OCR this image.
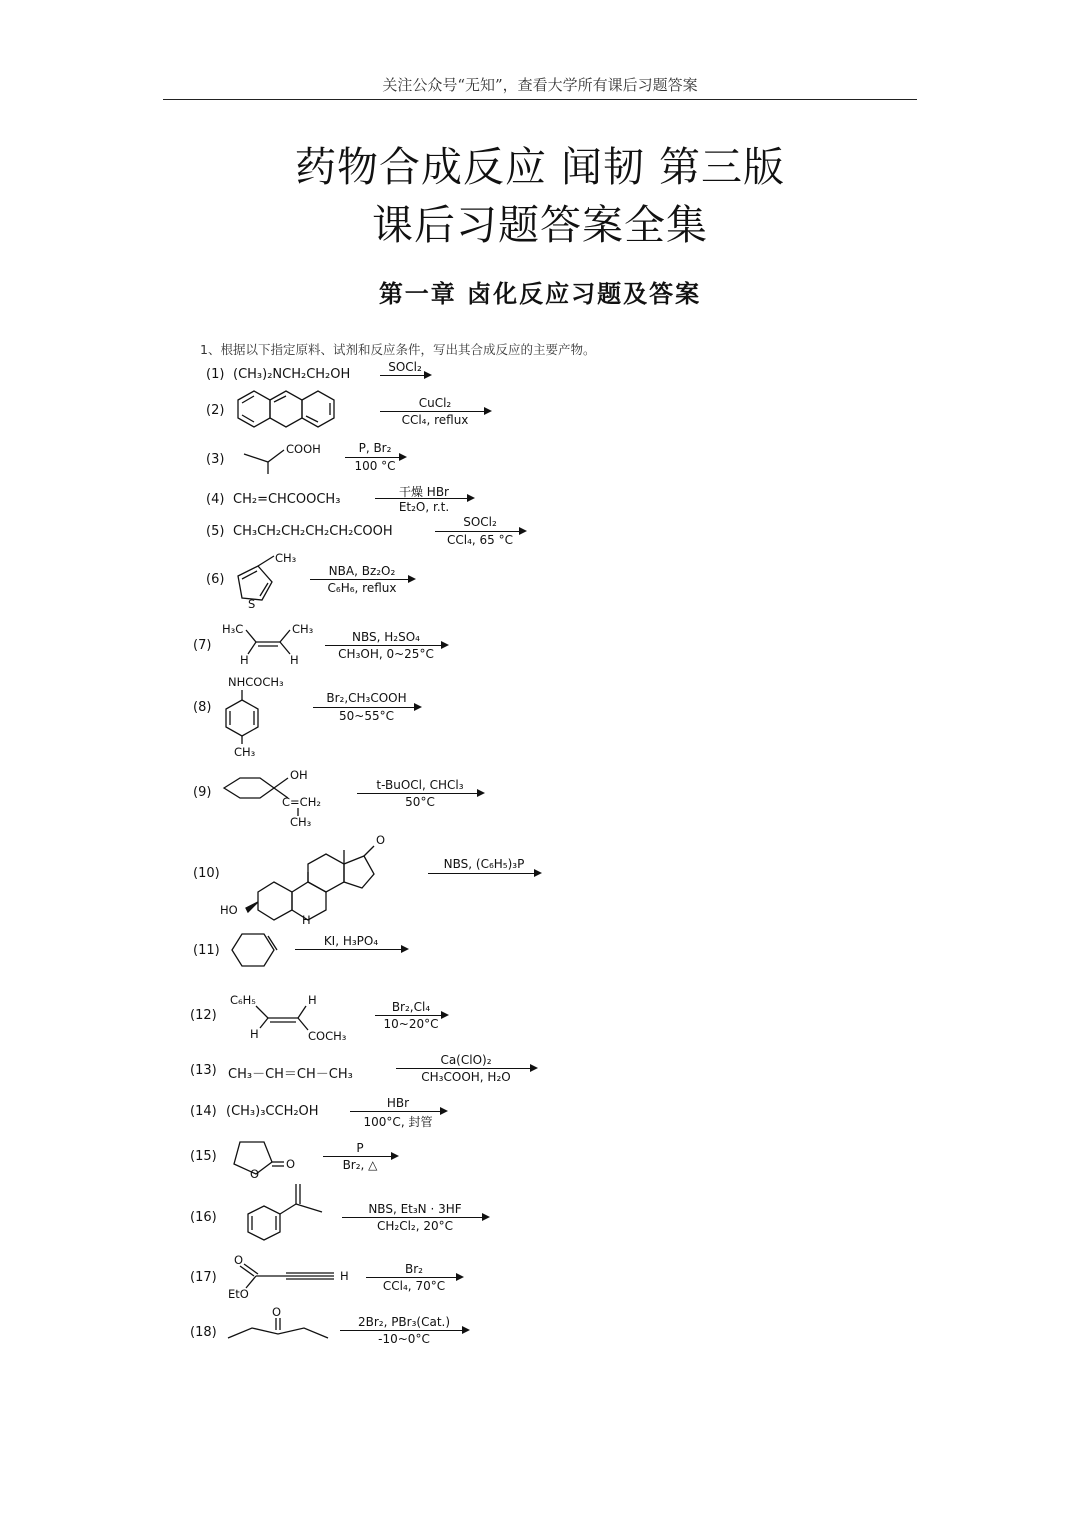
关注公众号“无知”，查看大学所有课后习题答案
药物合成反应 闻韧 第三版
课后习题答案全集
第一章 卤化反应习题及答案
1、根据以下指定原料、试剂和反应条件，写出其合成反应的主要产物。
(1) (CH₃)₂NCH₂CH₂OH	SOCl₂
(2)	CuCl₂
CCl₄, reflux
(3)
COOH	P, Br₂
100 °C
(4) CH₂=CHCOOCH₃	干燥 HBr
Et₂O, r.t.
(5) CH₃CH₂CH₂CH₂CH₂COOH
SOCl₂
CCl₄, 65 °C
(6)
CH₃
S
NBA, Bz₂O₂
C₆H₆, reflux
(7)
H₃C	CH₃
H	H
NBS, H₂SO₄
CH₃OH, 0~25°C
(8)
NHCOCH₃
CH₃
Br₂,CH₃COOH
50~55°C
(9)
OH
C=CH₂
CH₃
t-BuOCl, CHCl₃
50°C
(10)
O
HO
H
NBS, (C₆H₅)₃P
(11)
KI, H₃PO₄
(12)
C₆H₅	H
H	COCH₃
Br₂,Cl₄
10~20°C
(13) CH₃－CH＝CH－CH₃
Ca(ClO)₂
CH₃COOH, H₂O
(14) (CH₃)₃CCH₂OH
HBr
100°C, 封管
(15)	O
O
P
Br₂, △
(16)
NBS, Et₃N · 3HF
CH₂Cl₂, 20°C
(17)
O
EtO
H	Br₂
CCl₄, 70°C
(18)
O
2Br₂, PBr₃(Cat.)
-10~0°C
